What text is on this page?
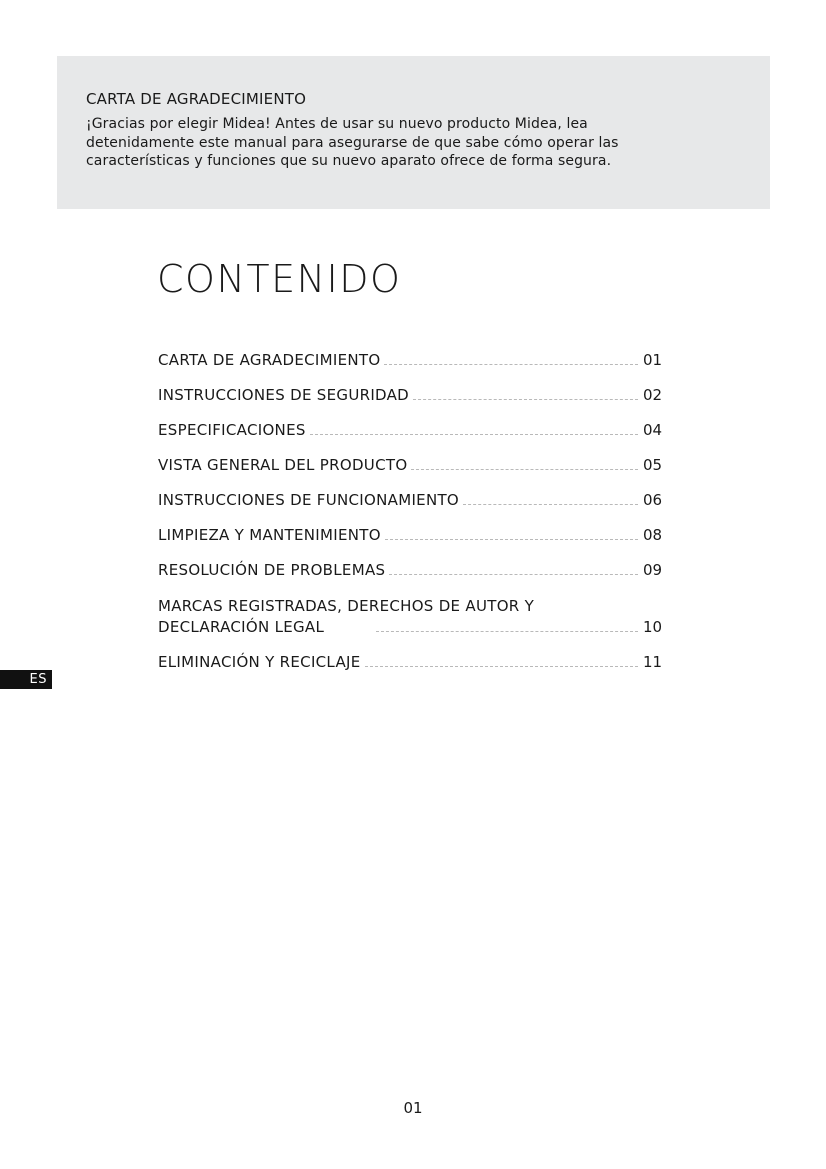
CARTA DE AGRADECIMIENTO

¡Gracias por elegir Midea! Antes de usar su nuevo producto Midea, lea
detenidamente este manual para asegurarse de que sabe cómo operar las
características y funciones que su nuevo aparato ofrece de forma segura.

CONTENIDO
CARTA DE AGRADECIMIENTO	01
INSTRUCCIONES DE SEGURIDAD	02
ESPECIFICACIONES	04
VISTA GENERAL DEL PRODUCTO	05
INSTRUCCIONES DE FUNCIONAMIENTO	06
LIMPIEZA Y MANTENIMIENTO	08
RESOLUCIÓN DE PROBLEMAS	09
MARCAS REGISTRADAS, DERECHOS DE AUTOR Y
DECLARACIÓN LEGAL	10
ELIMINACIÓN Y RECICLAJE	11
ES
01
